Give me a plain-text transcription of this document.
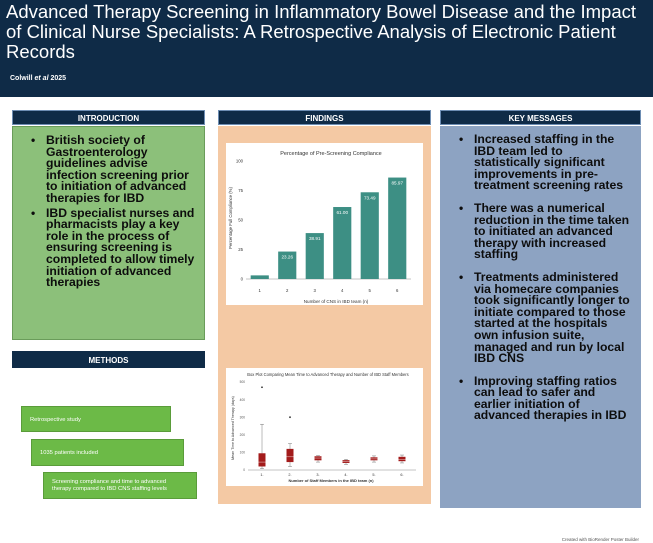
Advanced Therapy Screening in Inflammatory Bowel Disease and the Impact of Clinical Nurse Specialists: A Retrospective Analysis of Electronic Patient Records
Colwill et al 2025
INTRODUCTION
• British society of Gastroenterology guidelines advise infection screening prior to initiation of advanced therapies for IBD
• IBD specialist nurses and pharmacists play a key role in the process of ensuring screening is completed to allow timely initiation of advanced therapies
METHODS
Retrospective study
1035 patients included
Screening compliance and time to advanced therapy compared to IBD CNS staffing levels
FINDINGS
Percentage of Pre-Screening Compliance
Percentage Full Compliance (%)
Number of CNS in IBD team (n)
0
25
50
75
100
1	2	3	4	5	6
3.07
23.26
38.91
61.00
73.49
85.97
Box Plot Comparing Mean Time to Advanced Therapy and Number of IBD Staff Members
Mean Time to Advanced Therapy (days)
Number of Staff Members in the IBD team (n)
0
100
200
300
400
500
1.	2.	3.	4.	5.	6.
KEY MESSAGES
• Increased staffing in the IBD team led to statistically significant improvements in pre-treatment screening rates
• There was a numerical reduction in the time taken to initiated an advanced therapy with increased staffing
• Treatments administered via homecare companies took significantly longer to initiate compared to those started at the hospitals own infusion suite, managed and run by local IBD CNS
• Improving staffing ratios can lead to safer and earlier initiation of advanced therapies in IBD
Created with BioRender Poster Builder
